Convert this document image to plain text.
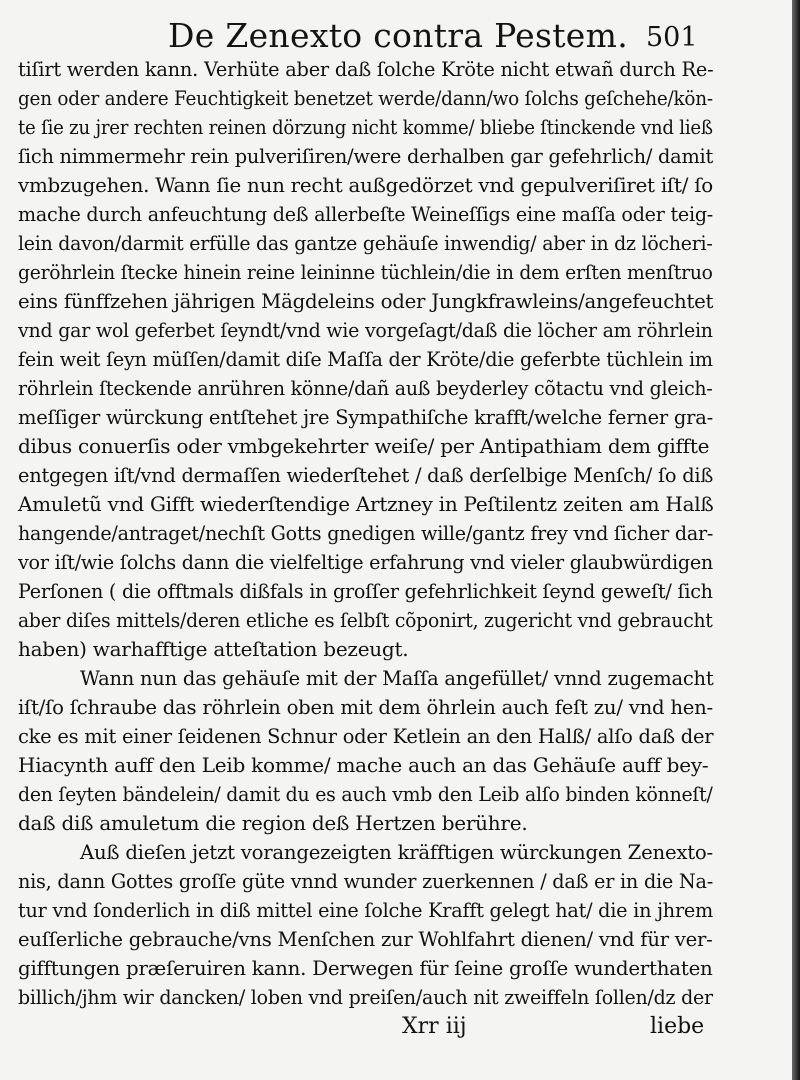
De Zenexto contra Pestem. 501
tiſirt werden kann. Verhüte aber daß ſolche Kröte nicht etwañ durch Re-
gen oder andere Feuchtigkeit benetzet werde/dann/wo ſolchs geſchehe/kön-
te ſie zu jrer rechten reinen dörzung nicht komme/ bliebe ſtinckende vnd ließ
ſich nimmermehr rein pulveriſiren/were derhalben gar gefehrlich/ damit
vmbzugehen. Wann ſie nun recht außgedörzet vnd gepulveriſiret iſt/ ſo
mache durch anfeuchtung deß allerbeſte Weineſſigs eine maſſa oder teig-
lein davon/darmit erfülle das gantze gehäuſe inwendig/ aber in dz löcheri-
geröhrlein ſtecke hinein reine leininne tüchlein/die in dem erſten menſtruo
eins fünffzehen jährigen Mägdeleins oder Jungkfrawleins/angefeuchtet
vnd gar wol geferbet ſeyndt/vnd wie vorgeſagt/daß die löcher am röhrlein
fein weit ſeyn müſſen/damit diſe Maſſa der Kröte/die geferbte tüchlein im
röhrlein ſteckende anrühren könne/dañ auß beyderley cõtactu vnd gleich-
meſſiger würckung entſtehet jre Sympathiſche krafft/welche ferner gra-
dibus conuerſis oder vmbgekehrter weiſe/ per Antipathiam dem giffte
entgegen iſt/vnd dermaſſen wiederſtehet / daß derſelbige Menſch/ ſo diß
Amuletũ vnd Gifft wiederſtendige Artzney in Peſtilentz zeiten am Halß
hangende/antraget/nechſt Gotts gnedigen wille/gantz frey vnd ſicher dar-
vor iſt/wie ſolchs dann die vielfeltige erfahrung vnd vieler glaubwürdigen
Perſonen ( die offtmals dißfals in groſſer gefehrlichkeit ſeynd geweſt/ ſich
aber diſes mittels/deren etliche es ſelbſt cõponirt, zugericht vnd gebraucht
haben) warhafftige atteſtation bezeugt.
Wann nun das gehäuſe mit der Maſſa angefüllet/ vnnd zugemacht
iſt/ſo ſchraube das röhrlein oben mit dem öhrlein auch feſt zu/ vnd hen-
cke es mit einer ſeidenen Schnur oder Ketlein an den Halß/ alſo daß der
Hiacynth auff den Leib komme/ mache auch an das Gehäuſe auff bey-
den ſeyten bändelein/ damit du es auch vmb den Leib alſo binden könneſt/
daß diß amuletum die region deß Hertzen berühre.
Auß dieſen jetzt vorangezeigten kräfftigen würckungen Zenexto-
nis, dann Gottes groſſe güte vnnd wunder zuerkennen / daß er in die Na-
tur vnd ſonderlich in diß mittel eine ſolche Krafft gelegt hat/ die in jhrem
euſſerliche gebrauche/vns Menſchen zur Wohlfahrt dienen/ vnd für ver-
gifftungen præſeruiren kann. Derwegen für ſeine groſſe wunderthaten
billich/jhm wir dancken/ loben vnd preiſen/auch nit zweiffeln ſollen/dz der
Xrr iij	liebe
